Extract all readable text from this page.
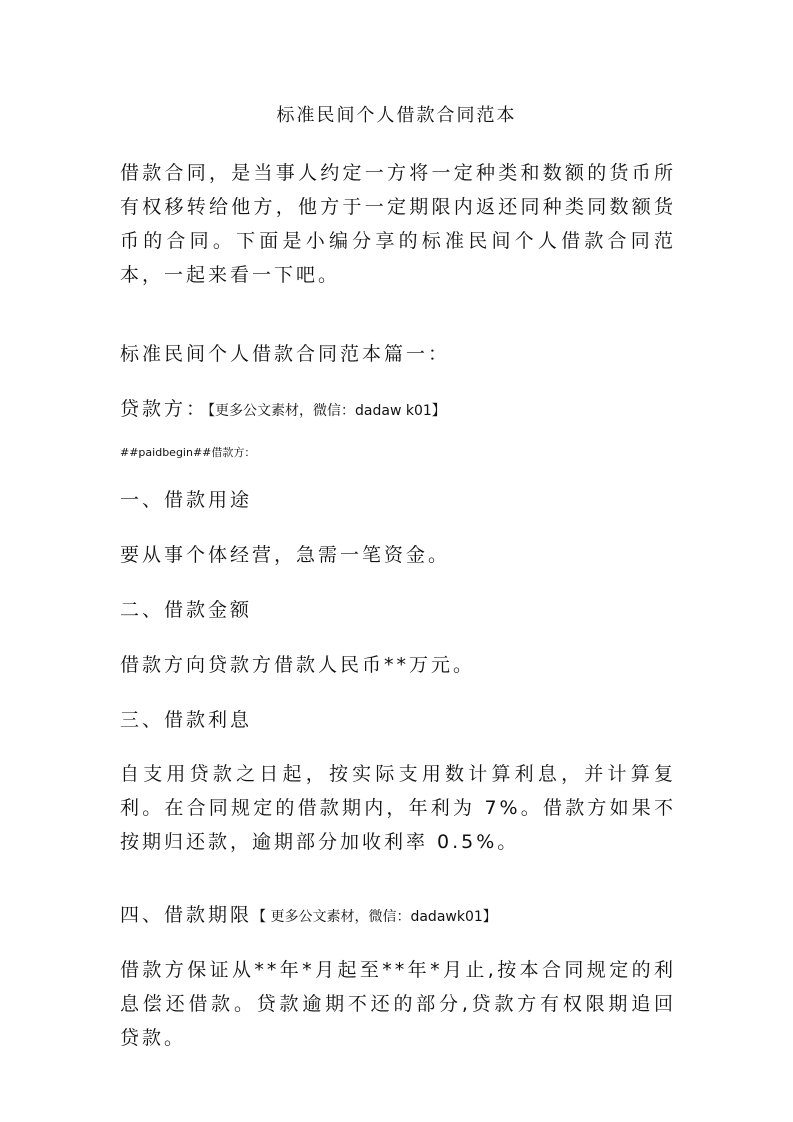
标准民间个人借款合同范本
借款合同，是当事人约定一方将一定种类和数额的货币所有权移转给他方，他方于一定期限内返还同种类同数额货币的合同。下面是小编分享的标准民间个人借款合同范本，一起来看一下吧。
标准民间个人借款合同范本篇一：
贷款方：【更多公文素材，微信：dadaw k01】
##paidbegin##借款方：
一、借款用途
要从事个体经营，急需一笔资金。
二、借款金额
借款方向贷款方借款人民币**万元。
三、借款利息
自支用贷款之日起，按实际支用数计算利息，并计算复利。在合同规定的借款期内，年利为 7%。借款方如果不按期归还款，逾期部分加收利率 0.5%。
四、借款期限【 更多公文素材，微信：dadawk01】
借款方保证从**年*月起至**年*月止,按本合同规定的利息偿还借款。贷款逾期不还的部分,贷款方有权限期追回贷款。
